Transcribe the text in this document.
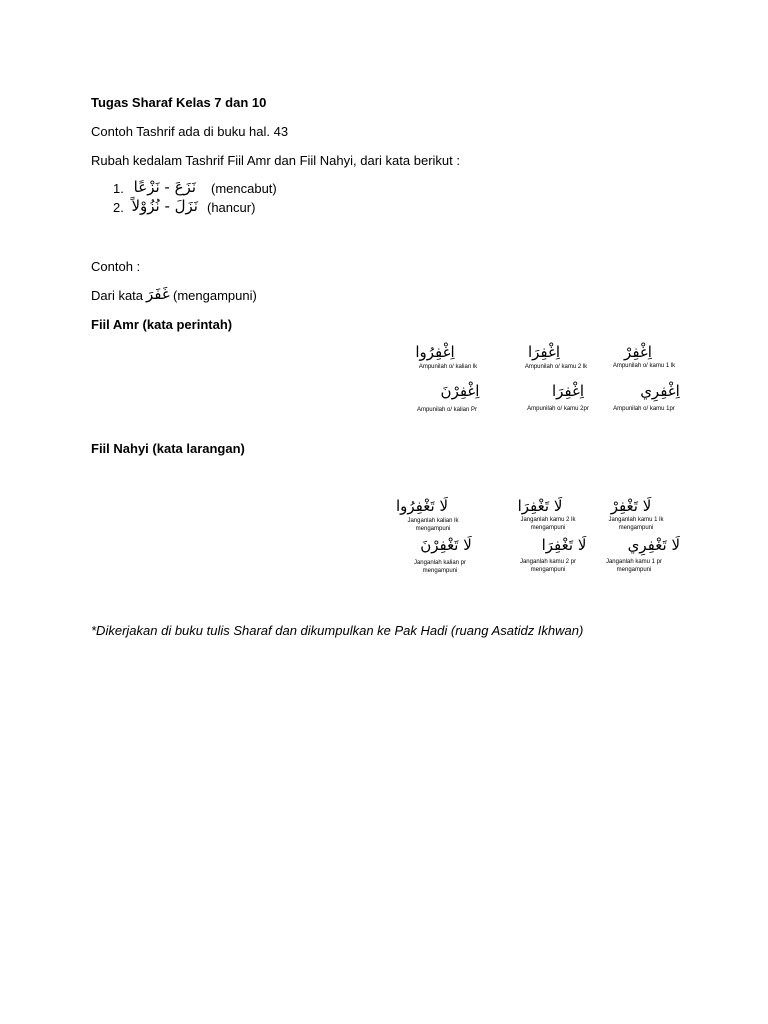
Tugas Sharaf Kelas 7 dan 10
Contoh Tashrif ada di buku hal. 43
Rubah kedalam Tashrif Fiil Amr dan Fiil Nahyi, dari kata berikut :
1. نَزَعَ - نَزْعًا (mencabut)
2. نَزَلَ - نُزُوْلاً (hancur)
Contoh :
Dari kata غَفَرَ (mengampuni)
Fiil Amr (kata perintah)
اِغْفِرُوا
Ampunilah o/ kalian lk
اِغْفِرَا
Ampunilah o/ kamu 2 lk
اِغْفِرْ
Ampunilah o/ kamu 1 lk
اِغْفِرْنَ
Ampunilah o/ kalian Pr
اِغْفِرَا
Ampunilah o/ kamu 2pr
اِغْفِرِي
Ampunilah o/ kamu 1pr
Fiil Nahyi (kata larangan)
لَا تَغْفِرُوا
Janganlah kalian lk
mengampuni
لَا تَغْفِرَا
Janganlah kamu 2 lk
mengampuni
لَا تَغْفِرْ
Janganlah kamu 1 lk
mengampuni
لَا تَغْفِرْنَ
Janganlah kalian pr
mengampuni
لَا تَغْفِرَا
Janganlah kamu 2 pr
mengampuni
لَا تَغْفِرِي
Janganlah kamu 1 pr
mengampuni
*Dikerjakan di buku tulis Sharaf dan dikumpulkan ke Pak Hadi (ruang Asatidz Ikhwan)
